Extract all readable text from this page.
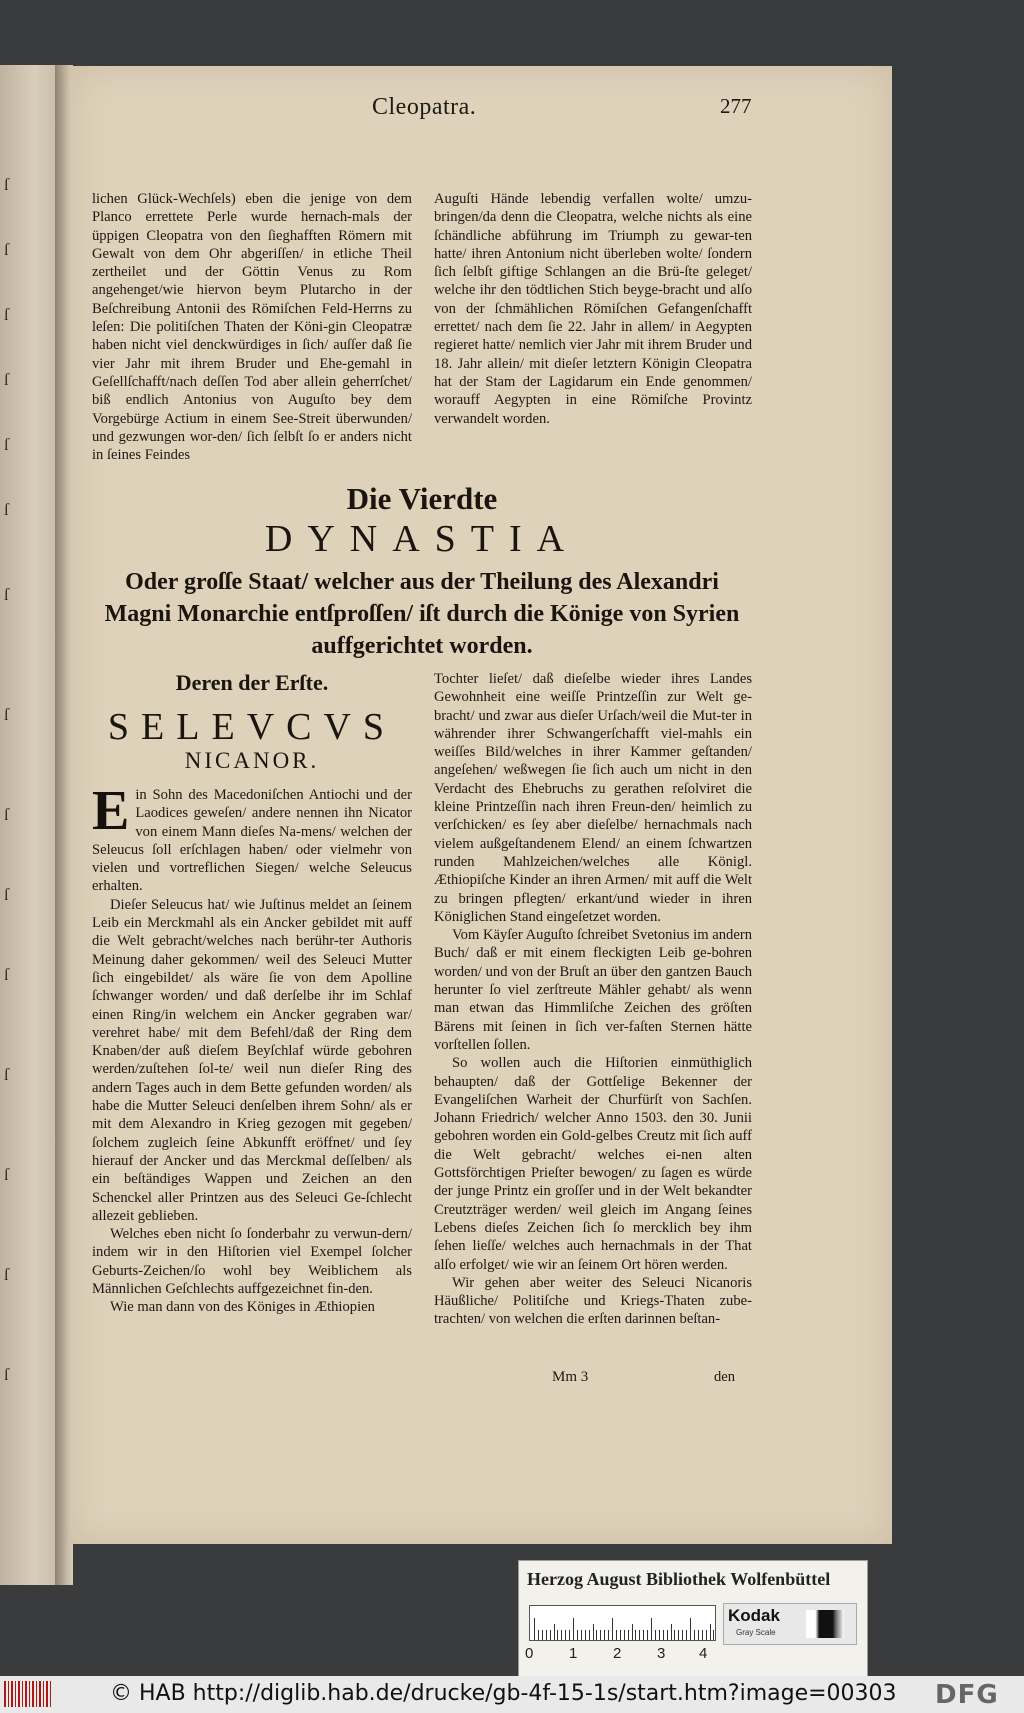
ſ
ſ
ſ
ſ
ſ
ſ
ſ
ſ
ſ
ſ
ſ
ſ
ſ
ſ
ſ
Cleopatra.	277

lichen Glück-Wechſels) eben die jenige von dem Planco errettete Perle wurde hernach-mals der üppigen Cleopatra von den ſieghafften Römern mit Gewalt von dem Ohr abgeriſſen/ in etliche Theil zertheilet und der Göttin Venus zu Rom angehenget/wie hiervon beym Plutarcho in der Beſchreibung Antonii des Römiſchen Feld-Herrns zu leſen: Die politiſchen Thaten der Köni-gin Cleopatræ haben nicht viel denckwürdiges in ſich/ auſſer daß ſie vier Jahr mit ihrem Bruder und Ehe-gemahl in Geſellſchafft/nach deſſen Tod aber allein geherrſchet/ biß endlich Antonius von Auguſto bey dem Vorgebürge Actium in einem See-Streit überwunden/ und gezwungen wor-den/ ſich ſelbſt ſo er anders nicht in ſeines Feindes

Auguſti Hände lebendig verfallen wolte/ umzu-bringen/da denn die Cleopatra, welche nichts als eine ſchändliche abführung im Triumph zu gewar-ten hatte/ ihren Antonium nicht überleben wolte/ ſondern ſich ſelbſt giftige Schlangen an die Brü-ſte geleget/ welche ihr den tödtlichen Stich beyge-bracht und alſo von der ſchmählichen Römiſchen Gefangenſchafft errettet/ nach dem ſie 22. Jahr in allem/ in Aegypten regieret hatte/ nemlich vier Jahr mit ihrem Bruder und 18. Jahr allein/ mit dieſer letztern Königin Cleopatra hat der Stam der Lagidarum ein Ende genommen/ worauff Aegypten in eine Römiſche Provintz verwandelt worden.

Die Vierdte
DYNASTIA
Oder groſſe Staat/ welcher aus der Theilung des Alexandri Magni Monarchie entſproſſen/ iſt durch die Könige von Syrien auffgerichtet worden.
Deren der Erſte.
SELEVCVS
NICANOR.

Ein Sohn des Macedoniſchen Antiochi und der Laodices geweſen/ andere nennen ihn Nicator von einem Mann dieſes Na-mens/ welchen der Seleucus ſoll erſchlagen haben/ oder vielmehr von vielen und vortreflichen Siegen/ welche Seleucus erhalten.

Dieſer Seleucus hat/ wie Juſtinus meldet an ſeinem Leib ein Merckmahl als ein Ancker gebildet mit auff die Welt gebracht/welches nach berühr-ter Authoris Meinung daher gekommen/ weil des Seleuci Mutter ſich eingebildet/ als wäre ſie von dem Apolline ſchwanger worden/ und daß derſelbe ihr im Schlaf einen Ring/in welchem ein Ancker gegraben war/ verehret habe/ mit dem Befehl/daß der Ring dem Knaben/der auß dieſem Beyſchlaf würde gebohren werden/zuſtehen ſol-te/ weil nun dieſer Ring des andern Tages auch in dem Bette gefunden worden/ als habe die Mutter Seleuci denſelben ihrem Sohn/ als er mit dem Alexandro in Krieg gezogen mit gegeben/ ſolchem zugleich ſeine Abkunfft eröffnet/ und ſey hierauf der Ancker und das Merckmal deſſelben/ als ein beſtändiges Wappen und Zeichen an den Schenckel aller Printzen aus des Seleuci Ge-ſchlecht allezeit geblieben.

Welches eben nicht ſo ſonderbahr zu verwun-dern/ indem wir in den Hiſtorien viel Exempel ſolcher Geburts-Zeichen/ſo wohl bey Weiblichem als Männlichen Geſchlechts auffgezeichnet fin-den.

Wie man dann von des Königes in Æthiopien

Tochter lieſet/ daß dieſelbe wieder ihres Landes Gewohnheit eine weiſſe Printzeſſin zur Welt ge-bracht/ und zwar aus dieſer Urſach/weil die Mut-ter in währender ihrer Schwangerſchafft viel-mahls ein weiſſes Bild/welches in ihrer Kammer geſtanden/ angeſehen/ weßwegen ſie ſich auch um nicht in den Verdacht des Ehebruchs zu gerathen reſolviret die kleine Printzeſſin nach ihren Freun-den/ heimlich zu verſchicken/ es ſey aber dieſelbe/ hernachmals nach vielem außgeſtandenem Elend/ an einem ſchwartzen runden Mahlzeichen/welches alle Königl. Æthiopiſche Kinder an ihren Armen/ mit auff die Welt zu bringen pflegten/ erkant/und wieder in ihren Königlichen Stand eingeſetzet worden.

Vom Käyſer Auguſto ſchreibet Svetonius im andern Buch/ daß er mit einem fleckigten Leib ge-bohren worden/ und von der Bruſt an über den gantzen Bauch herunter ſo viel zerſtreute Mähler gehabt/ als wenn man etwan das Himmliſche Zeichen des gröſten Bärens mit ſeinen in ſich ver-faſten Sternen hätte vorſtellen ſollen.

So wollen auch die Hiſtorien einmüthiglich behaupten/ daß der Gottſelige Bekenner der Evangeliſchen Warheit der Churfürſt von Sachſen. Johann Friedrich/ welcher Anno 1503. den 30. Junii gebohren worden ein Gold-gelbes Creutz mit ſich auff die Welt gebracht/ welches ei-nen alten Gottsförchtigen Prieſter bewogen/ zu ſagen es würde der junge Printz ein groſſer und in der Welt bekandter Creutzträger werden/ weil gleich im Angang ſeines Lebens dieſes Zeichen ſich ſo mercklich bey ihm ſehen lieſſe/ welches auch hernachmals in der That alſo erfolget/ wie wir an ſeinem Ort hören werden.

Wir gehen aber weiter des Seleuci Nicanoris Häußliche/ Politiſche und Kriegs-Thaten zube-trachten/ von welchen die erſten darinnen beſtan-

Mm 3	den
Herzog August Bibliothek Wolfenbüttel
0 1 2 3 4
Kodak
Gray Scale
© HAB http://diglib.hab.de/drucke/gb-4f-15-1s/start.htm?image=00303 DFG
